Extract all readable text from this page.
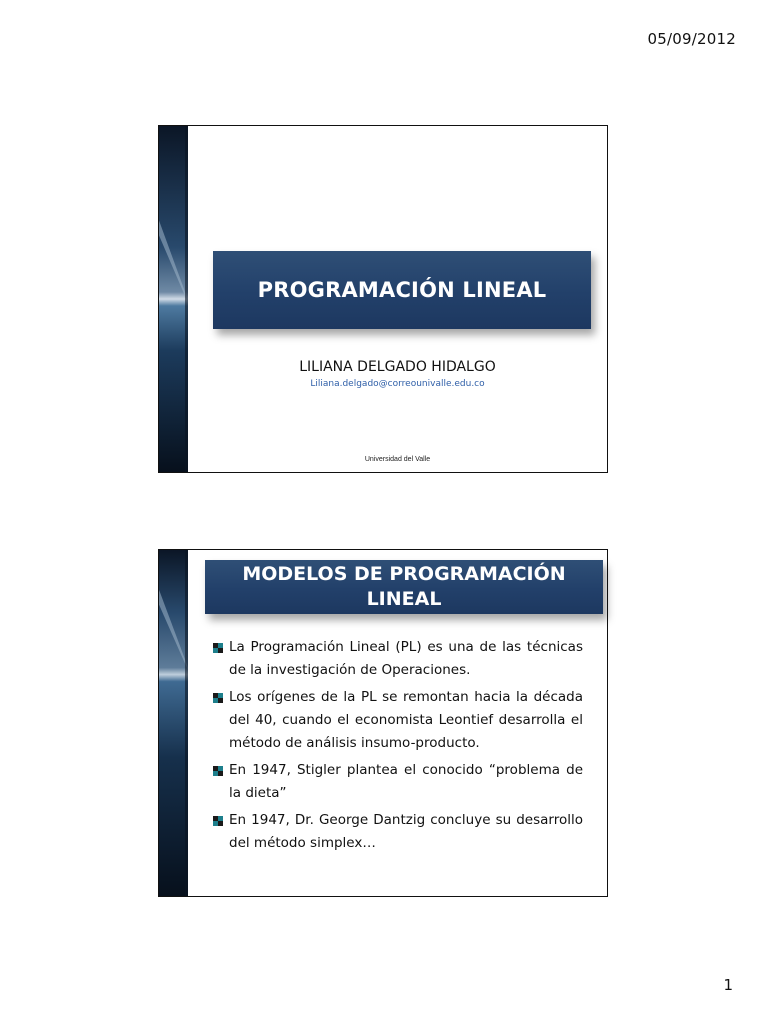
05/09/2012
PROGRAMACIÓN LINEAL
LILIANA DELGADO HIDALGO
Liliana.delgado@correounivalle.edu.co
Universidad del Valle
MODELOS DE PROGRAMACIÓN LINEAL
La Programación Lineal (PL) es una de las técnicas de la investigación de Operaciones.
Los orígenes de la PL se remontan hacia la década del 40, cuando el economista Leontief desarrolla el método de análisis insumo-producto.
En 1947, Stigler plantea el conocido “problema de la dieta”
En 1947, Dr. George Dantzig concluye su desarrollo del método simplex…
1
